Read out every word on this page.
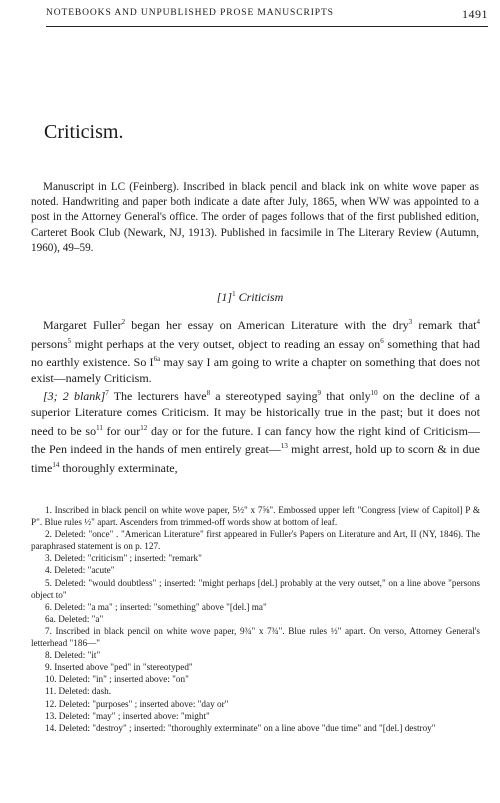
NOTEBOOKS AND UNPUBLISHED PROSE MANUSCRIPTS	1491
Criticism.

Manuscript in LC (Feinberg). Inscribed in black pencil and black ink on white wove paper as noted. Handwriting and paper both indicate a date after July, 1865, when WW was appointed to a post in the Attorney General's office. The order of pages follows that of the first published edition, Carteret Book Club (Newark, NJ, 1913). Published in facsimile in The Literary Review (Autumn, 1960), 49–59.

$[1]^1$ Criticism

Margaret Fuller$^2$ began her essay on American Literature with the dry$^3$ remark that$^4$ persons$^5$ might perhaps at the very outset, object to reading an essay $on^6$ something that had no earthly existence. So $I^{6a}$ may say I am going to write a chapter on something that does not exist—namely Criticism.

[3; 2 blank]$^7$ The lecturers have$^8$ a stereotyped saying$^9$ that only$^{10}$ on the decline of a superior Literature comes Criticism. It may be historically true in the past; but it does not need to be $so^{11}$ for our$^{12}$ day or for the future. I can fancy how the right kind of Criticism—the Pen indeed in the hands of men entirely great—$^{13}$ might arrest, hold up to scorn & in due time$^{14}$ thoroughly exterminate,

1. Inscribed in black pencil on white wove paper, 5½" x 7⅝". Embossed upper left "Congress [view of Capitol] P & P". Blue rules ½" apart. Ascenders from trimmed-off words show at bottom of leaf.

2. Deleted: "once" . "American Literature" first appeared in Fuller's Papers on Literature and Art, II (NY, 1846). The paraphrased statement is on p. 127.

3. Deleted: "criticism" ; inserted: "remark"

4. Deleted: "acute"

5. Deleted: "would doubtless" ; inserted: "might perhaps [del.] probably at the very outset," on a line above "persons object to"

6. Deleted: "a ma" ; inserted: "something" above "[del.] ma"

6a. Deleted: "a"

7. Inscribed in black pencil on white wove paper, 9¾" x 7¾". Blue rules ½" apart. On verso, Attorney General's letterhead "186—"

8. Deleted: "it"

9. Inserted above "ped" in "stereotyped"

10. Deleted: "in" ; inserted above: "on"

11. Deleted: dash.

12. Deleted: "purposes" ; inserted above: "day or"

13. Deleted: "may" ; inserted above: "might"

14. Deleted: "destroy" ; inserted: "thoroughly exterminate" on a line above "due time" and "[del.] destroy"
